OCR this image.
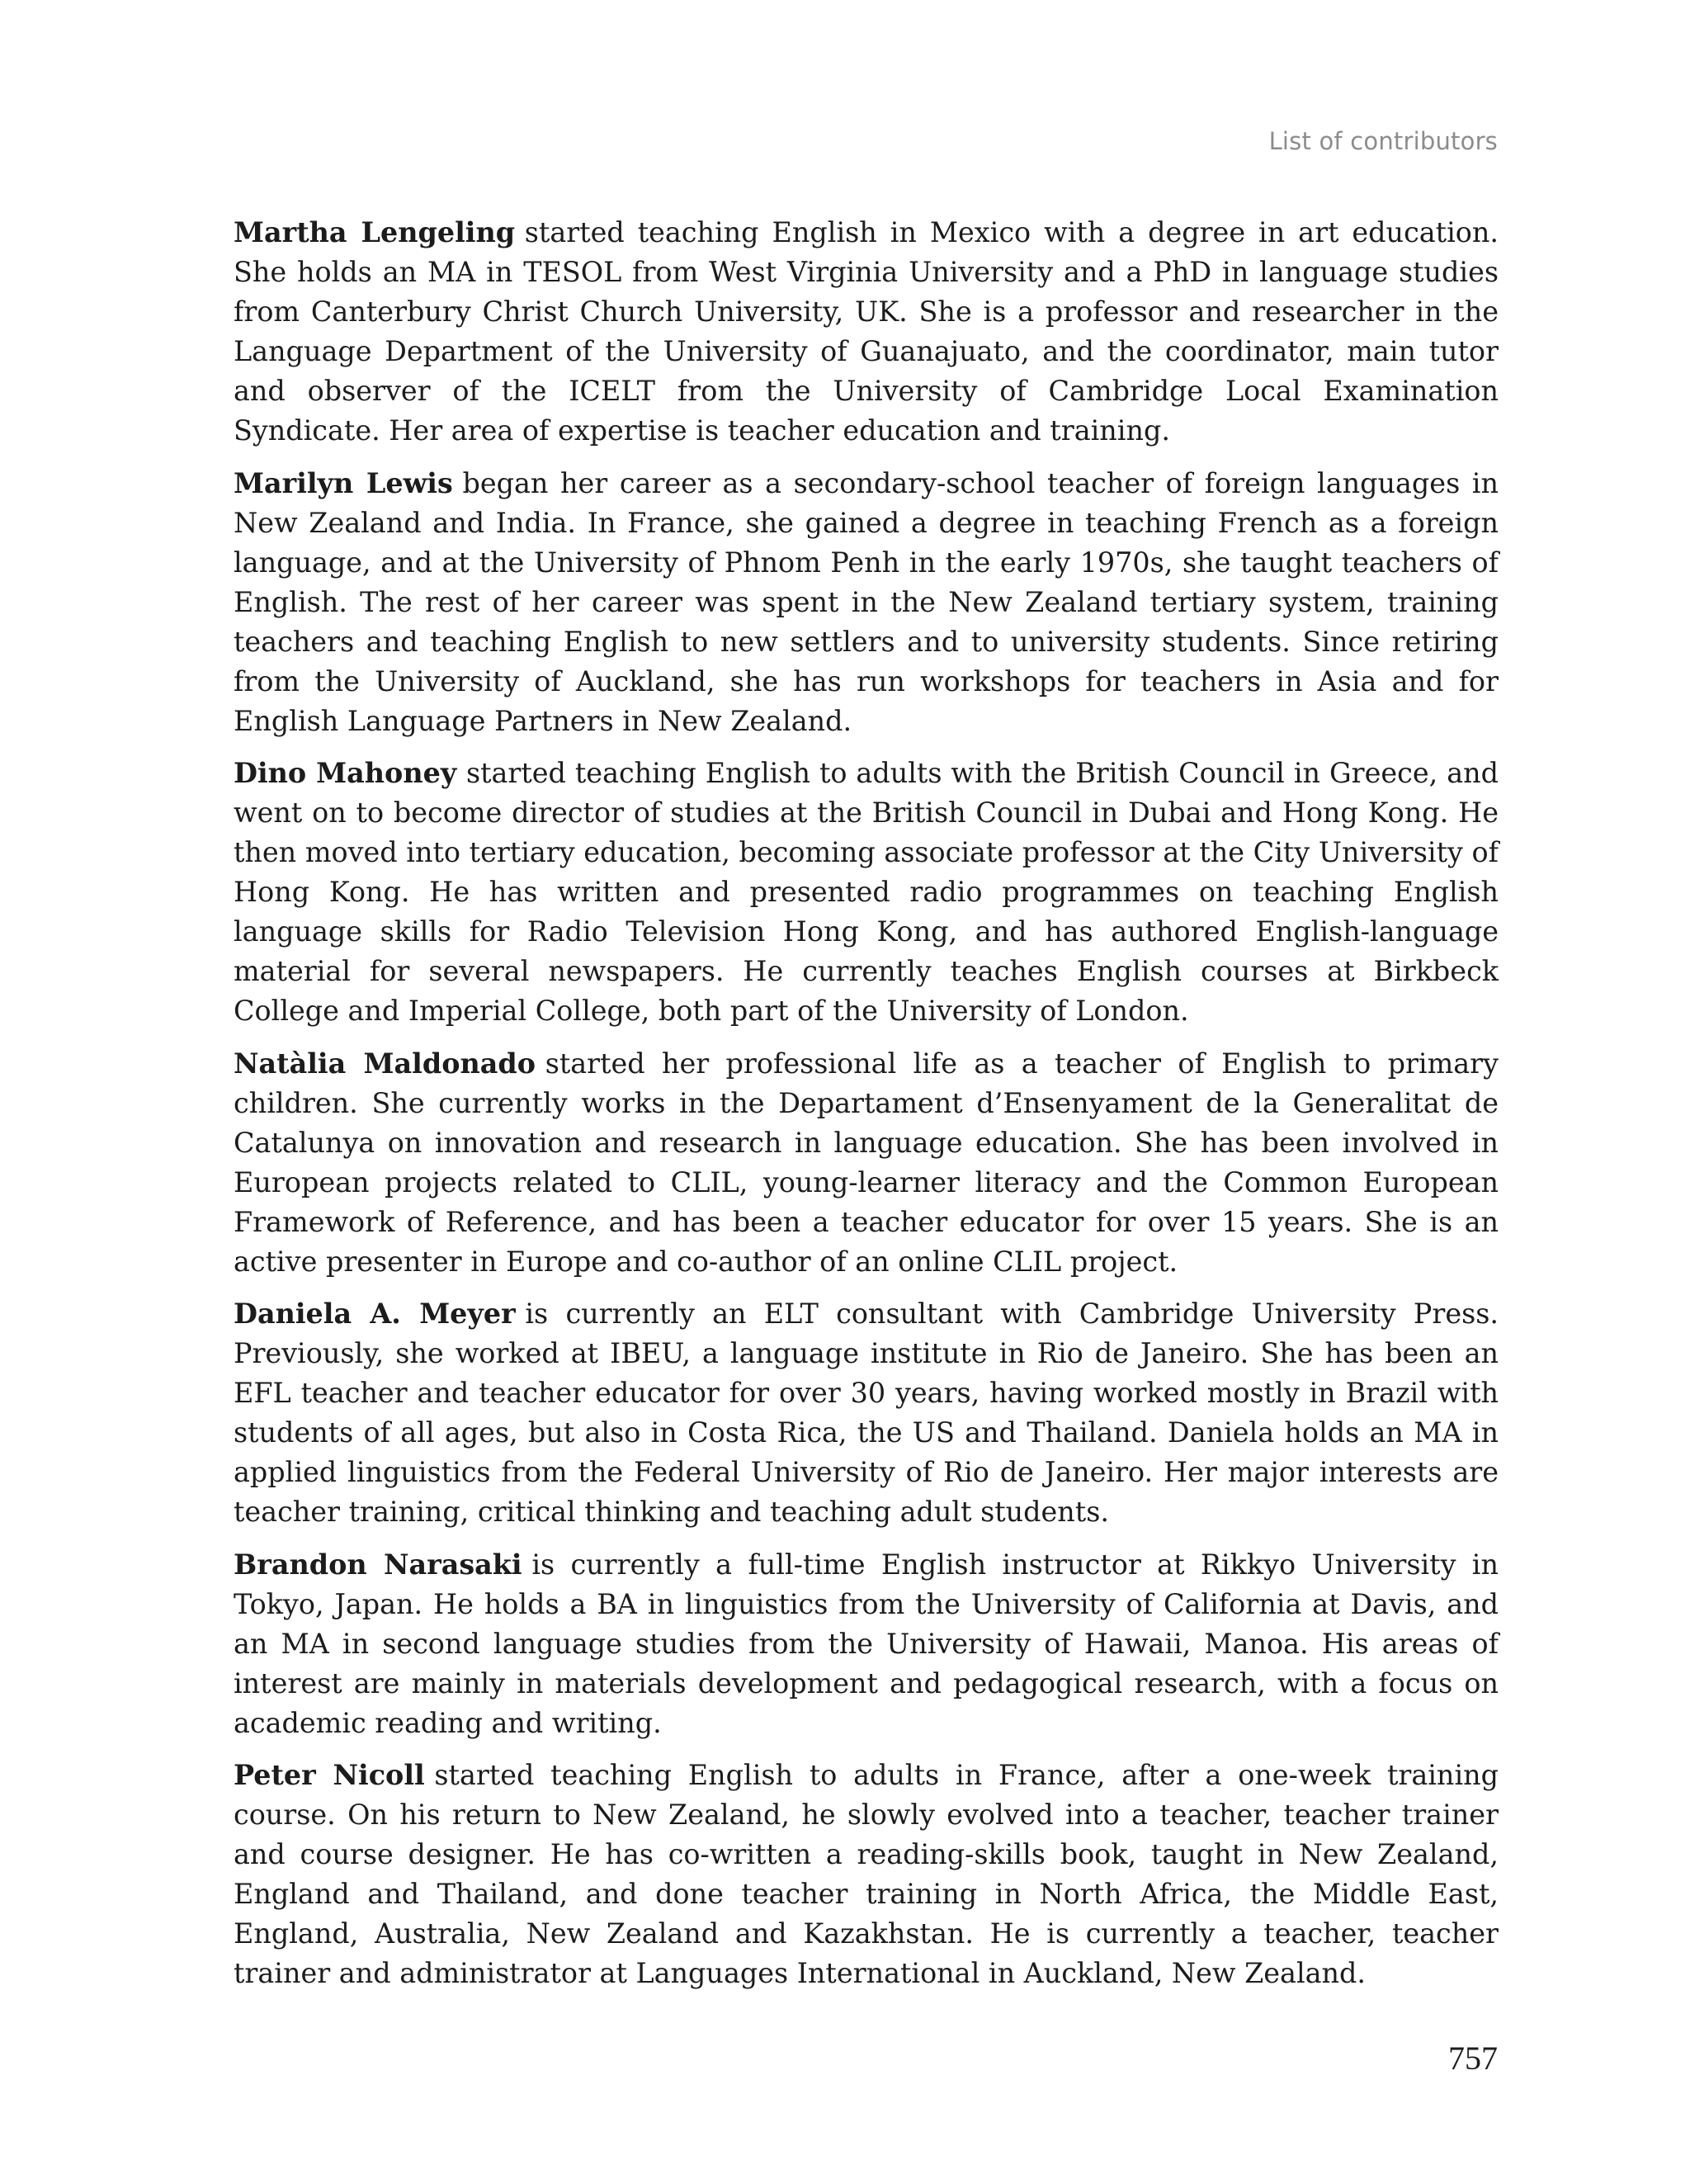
List of contributors

Martha Lengeling started teaching English in Mexico with a degree in art education. She holds an MA in TESOL from West Virginia University and a PhD in language studies from Canterbury Christ Church University, UK. She is a professor and researcher in the Language Department of the University of Guanajuato, and the coordinator, main tutor and observer of the ICELT from the University of Cambridge Local Examination Syndicate. Her area of expertise is teacher education and training.

Marilyn Lewis began her career as a secondary-school teacher of foreign languages in New Zealand and India. In France, she gained a degree in teaching French as a foreign language, and at the University of Phnom Penh in the early 1970s, she taught teachers of English. The rest of her career was spent in the New Zealand tertiary system, training teachers and teaching English to new settlers and to university students. Since retiring from the University of Auckland, she has run workshops for teachers in Asia and for English Language Partners in New Zealand.

Dino Mahoney started teaching English to adults with the British Council in Greece, and went on to become director of studies at the British Council in Dubai and Hong Kong. He then moved into tertiary education, becoming associate professor at the City University of Hong Kong. He has written and presented radio programmes on teaching English language skills for Radio Television Hong Kong, and has authored English-language material for several newspapers. He currently teaches English courses at Birkbeck College and Imperial College, both part of the University of London.

Natàlia Maldonado started her professional life as a teacher of English to primary children. She currently works in the Departament d’Ensenyament de la Generalitat de Catalunya on innovation and research in language education. She has been involved in European projects related to CLIL, young-learner literacy and the Common European Framework of Reference, and has been a teacher educator for over 15 years. She is an active presenter in Europe and co-author of an online CLIL project.

Daniela A. Meyer is currently an ELT consultant with Cambridge University Press. Previously, she worked at IBEU, a language institute in Rio de Janeiro. She has been an EFL teacher and teacher educator for over 30 years, having worked mostly in Brazil with students of all ages, but also in Costa Rica, the US and Thailand. Daniela holds an MA in applied linguistics from the Federal University of Rio de Janeiro. Her major interests are teacher training, critical thinking and teaching adult students.

Brandon Narasaki is currently a full-time English instructor at Rikkyo University in Tokyo, Japan. He holds a BA in linguistics from the University of California at Davis, and an MA in second language studies from the University of Hawaii, Manoa. His areas of interest are mainly in materials development and pedagogical research, with a focus on academic reading and writing.

Peter Nicoll started teaching English to adults in France, after a one-week training course. On his return to New Zealand, he slowly evolved into a teacher, teacher trainer and course designer. He has co-written a reading-skills book, taught in New Zealand, England and Thailand, and done teacher training in North Africa, the Middle East, England, Australia, New Zealand and Kazakhstan. He is currently a teacher, teacher trainer and administrator at Languages International in Auckland, New Zealand.

757
